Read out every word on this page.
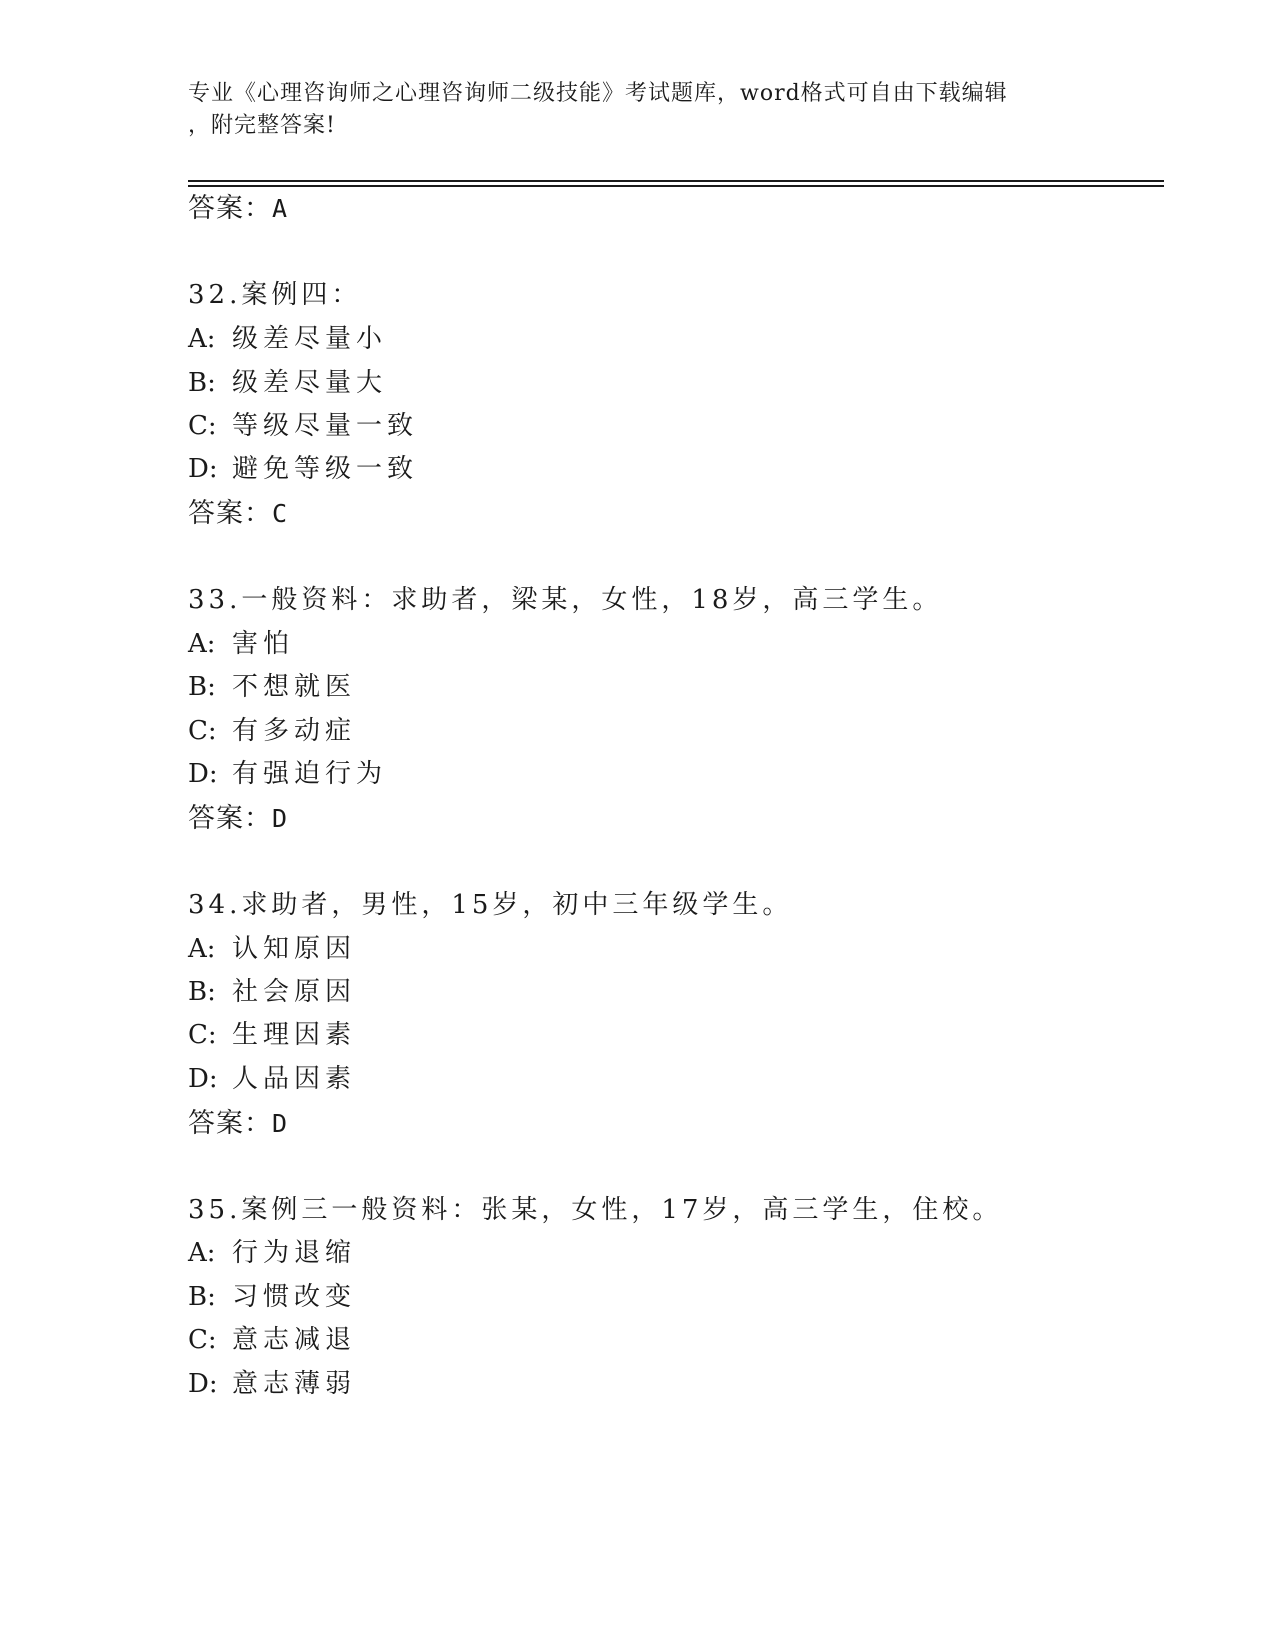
专业《心理咨询师之心理咨询师二级技能》考试题库，word格式可自由下载编辑
，附完整答案!
答案：A
32.案例四：
A: 级差尽量小
B: 级差尽量大
C: 等级尽量一致
D: 避免等级一致
答案：C
33.一般资料：求助者，梁某，女性，18岁，高三学生。
A: 害怕
B: 不想就医
C: 有多动症
D: 有强迫行为
答案：D
34.求助者，男性，15岁，初中三年级学生。
A: 认知原因
B: 社会原因
C: 生理因素
D: 人品因素
答案：D
35.案例三一般资料：张某，女性，17岁，高三学生，住校。
A: 行为退缩
B: 习惯改变
C: 意志减退
D: 意志薄弱
